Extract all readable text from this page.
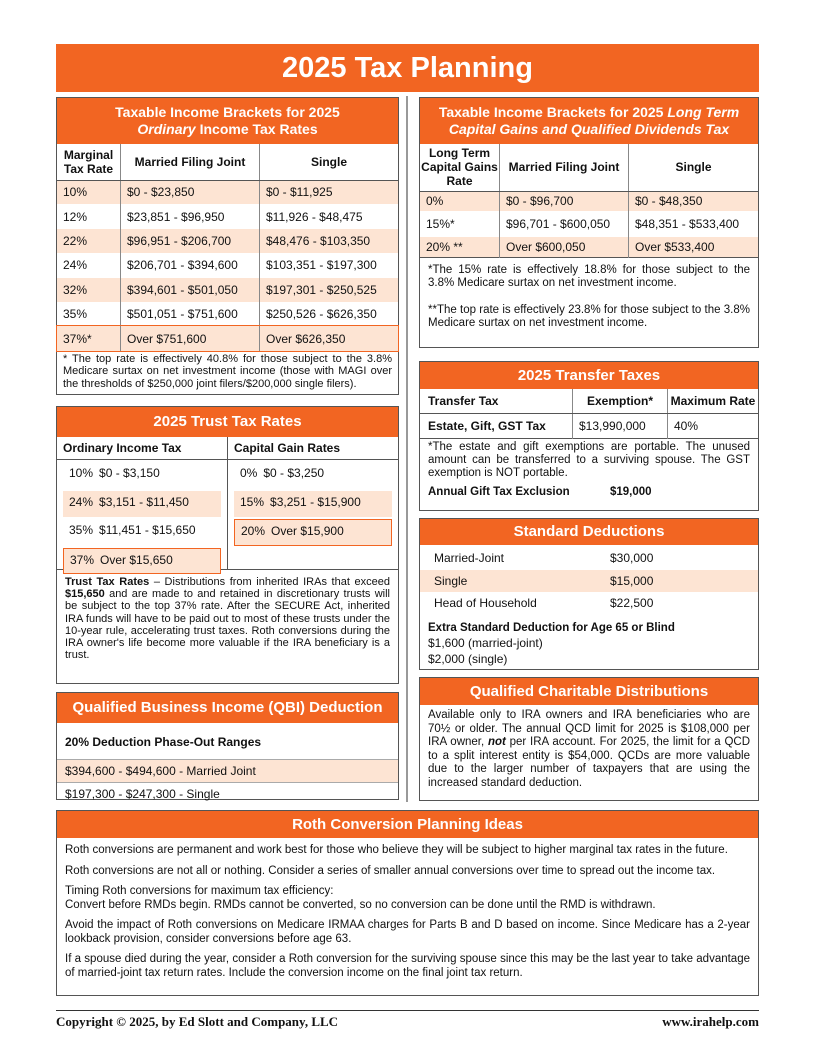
2025 Tax Planning
Taxable Income Brackets for 2025
Ordinary Income Tax Rates
Marginal Tax Rate	Married Filing Joint	Single
10%	$0 - $23,850	$0 - $11,925
12%	$23,851 - $96,950	$11,926 - $48,475
22%	$96,951 - $206,700	$48,476 - $103,350
24%	$206,701 - $394,600	$103,351 - $197,300
32%	$394,601 - $501,050	$197,301 - $250,525
35%	$501,051 - $751,600	$250,526 - $626,350
37%*	Over $751,600	Over $626,350
* The top rate is effectively 40.8% for those subject to the 3.8% Medicare surtax on net investment income (those with MAGI over the thresholds of $250,000 joint filers/$200,000 single filers).
2025 Trust Tax Rates
Ordinary Income Tax
10% $0 - $3,150
24% $3,151 - $11,450
35% $11,451 - $15,650
37% Over $15,650
Capital Gain Rates
0% $0 - $3,250
15% $3,251 - $15,900
20% Over $15,900
Trust Tax Rates – Distributions from inherited IRAs that exceed $15,650 and are made to and retained in discretionary trusts will be subject to the top 37% rate. After the SECURE Act, inherited IRA funds will have to be paid out to most of these trusts under the 10-year rule, accelerating trust taxes. Roth conversions during the IRA owner's life become more valuable if the IRA beneficiary is a trust.
Qualified Business Income (QBI) Deduction
20% Deduction Phase-Out Ranges
$394,600 - $494,600 - Married Joint
$197,300 - $247,300 - Single
Taxable Income Brackets for 2025 Long Term
Capital Gains and Qualified Dividends Tax
Long Term Capital Gains Rate	Married Filing Joint	Single
0%	$0 - $96,700	$0 - $48,350
15%*	$96,701 - $600,050	$48,351 - $533,400
20% **	Over $600,050	Over $533,400
*The 15% rate is effectively 18.8% for those subject to the 3.8% Medicare surtax on net investment income.
**The top rate is effectively 23.8% for those subject to the 3.8% Medicare surtax on net investment income.
2025 Transfer Taxes
Transfer Tax	Exemption*	Maximum Rate
Estate, Gift, GST Tax	$13,990,000	40%
*The estate and gift exemptions are portable. The unused amount can be transferred to a surviving spouse. The GST exemption is NOT portable.
Annual Gift Tax Exclusion	$19,000
Standard Deductions
Married-Joint	$30,000
Single	$15,000
Head of Household	$22,500
Extra Standard Deduction for Age 65 or Blind
$1,600 (married-joint)
$2,000 (single)
Qualified Charitable Distributions
Available only to IRA owners and IRA beneficiaries who are 70½ or older. The annual QCD limit for 2025 is $108,000 per IRA owner, not per IRA account. For 2025, the limit for a QCD to a split interest entity is $54,000. QCDs are more valuable due to the larger number of taxpayers that are using the increased standard deduction.
Roth Conversion Planning Ideas
Roth conversions are permanent and work best for those who believe they will be subject to higher marginal tax rates in the future.
Roth conversions are not all or nothing. Consider a series of smaller annual conversions over time to spread out the income tax.
Timing Roth conversions for maximum tax efficiency:
Convert before RMDs begin. RMDs cannot be converted, so no conversion can be done until the RMD is withdrawn.
Avoid the impact of Roth conversions on Medicare IRMAA charges for Parts B and D based on income. Since Medicare has a 2-year lookback provision, consider conversions before age 63.
If a spouse died during the year, consider a Roth conversion for the surviving spouse since this may be the last year to take advantage of married-joint tax return rates. Include the conversion income on the final joint tax return.
Copyright © 2025, by Ed Slott and Company, LLC	www.irahelp.com
